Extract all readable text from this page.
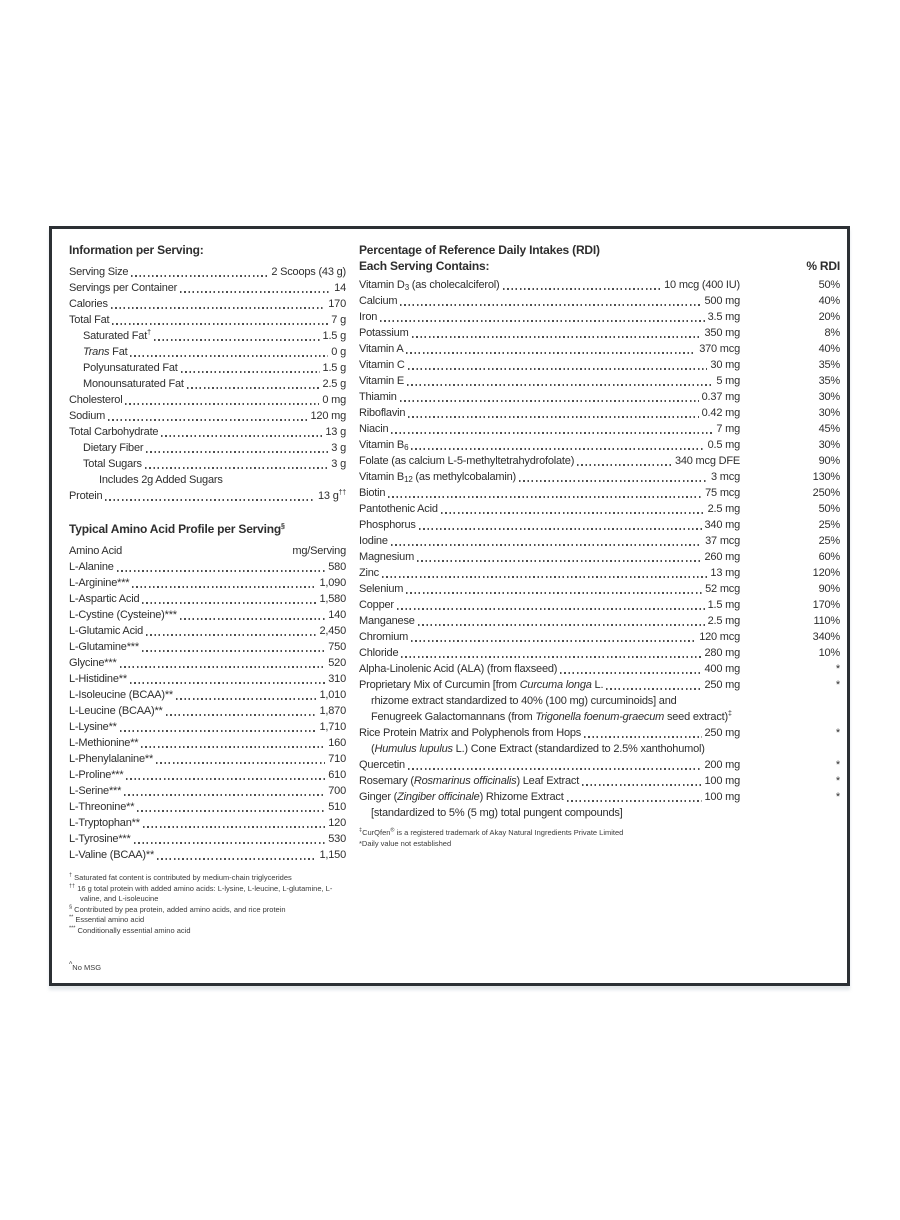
Information per Serving:
Serving Size	2 Scoops (43 g)
Servings per Container	14
Calories	170
Total Fat	7 g
Saturated Fat†	1.5 g
Trans Fat	0 g
Polyunsaturated Fat	1.5 g
Monounsaturated Fat	2.5 g
Cholesterol	0 mg
Sodium	120 mg
Total Carbohydrate	13 g
Dietary Fiber	3 g
Total Sugars	3 g
Includes 2g Added Sugars
Protein	13 g††
Typical Amino Acid Profile per Serving§
Amino Acid	mg/Serving
L-Alanine	580
L-Arginine***	1,090
L-Aspartic Acid	1,580
L-Cystine (Cysteine)***	140
L-Glutamic Acid	2,450
L-Glutamine***	750
Glycine***	520
L-Histidine**	310
L-Isoleucine (BCAA)**	1,010
L-Leucine (BCAA)**	1,870
L-Lysine**	1,710
L-Methionine**	160
L-Phenylalanine**	710
L-Proline***	610
L-Serine***	700
L-Threonine**	510
L-Tryptophan**	120
L-Tyrosine***	530
L-Valine (BCAA)**	1,150
† Saturated fat content is contributed by medium-chain triglycerides
†† 16 g total protein with added amino acids: L-lysine, L-leucine, L-glutamine, L-valine, and L-isoleucine
§ Contributed by pea protein, added amino acids, and rice protein
** Essential amino acid
*** Conditionally essential amino acid
^No MSG
Percentage of Reference Daily Intakes (RDI)
Each Serving Contains:	% RDI
Vitamin D3 (as cholecalciferol)	10 mcg (400 IU)	50%
Calcium	500 mg	40%
Iron	3.5 mg	20%
Potassium	350 mg	8%
Vitamin A	370 mcg	40%
Vitamin C	30 mg	35%
Vitamin E	5 mg	35%
Thiamin	0.37 mg	30%
Riboflavin	0.42 mg	30%
Niacin	7 mg	45%
Vitamin B6	0.5 mg	30%
Folate (as calcium L-5-methyltetrahydrofolate)	340 mcg DFE	90%
Vitamin B12 (as methylcobalamin)	3 mcg	130%
Biotin	75 mcg	250%
Pantothenic Acid	2.5 mg	50%
Phosphorus	340 mg	25%
Iodine	37 mcg	25%
Magnesium	260 mg	60%
Zinc	13 mg	120%
Selenium	52 mcg	90%
Copper	1.5 mg	170%
Manganese	2.5 mg	110%
Chromium	120 mcg	340%
Chloride	280 mg	10%
Alpha-Linolenic Acid (ALA) (from flaxseed)	400 mg	*
Proprietary Mix of Curcumin [from Curcuma longa L.	250 mg	*
rhizome extract standardized to 40% (100 mg) curcuminoids] and
Fenugreek Galactomannans (from Trigonella foenum-graecum seed extract)‡
Rice Protein Matrix and Polyphenols from Hops	250 mg	*
(Humulus lupulus L.) Cone Extract (standardized to 2.5% xanthohumol)
Quercetin	200 mg	*
Rosemary (Rosmarinus officinalis) Leaf Extract	100 mg	*
Ginger (Zingiber officinale) Rhizome Extract	100 mg	*
[standardized to 5% (5 mg) total pungent compounds]
‡CurQfen® is a registered trademark of Akay Natural Ingredients Private Limited
*Daily value not established
